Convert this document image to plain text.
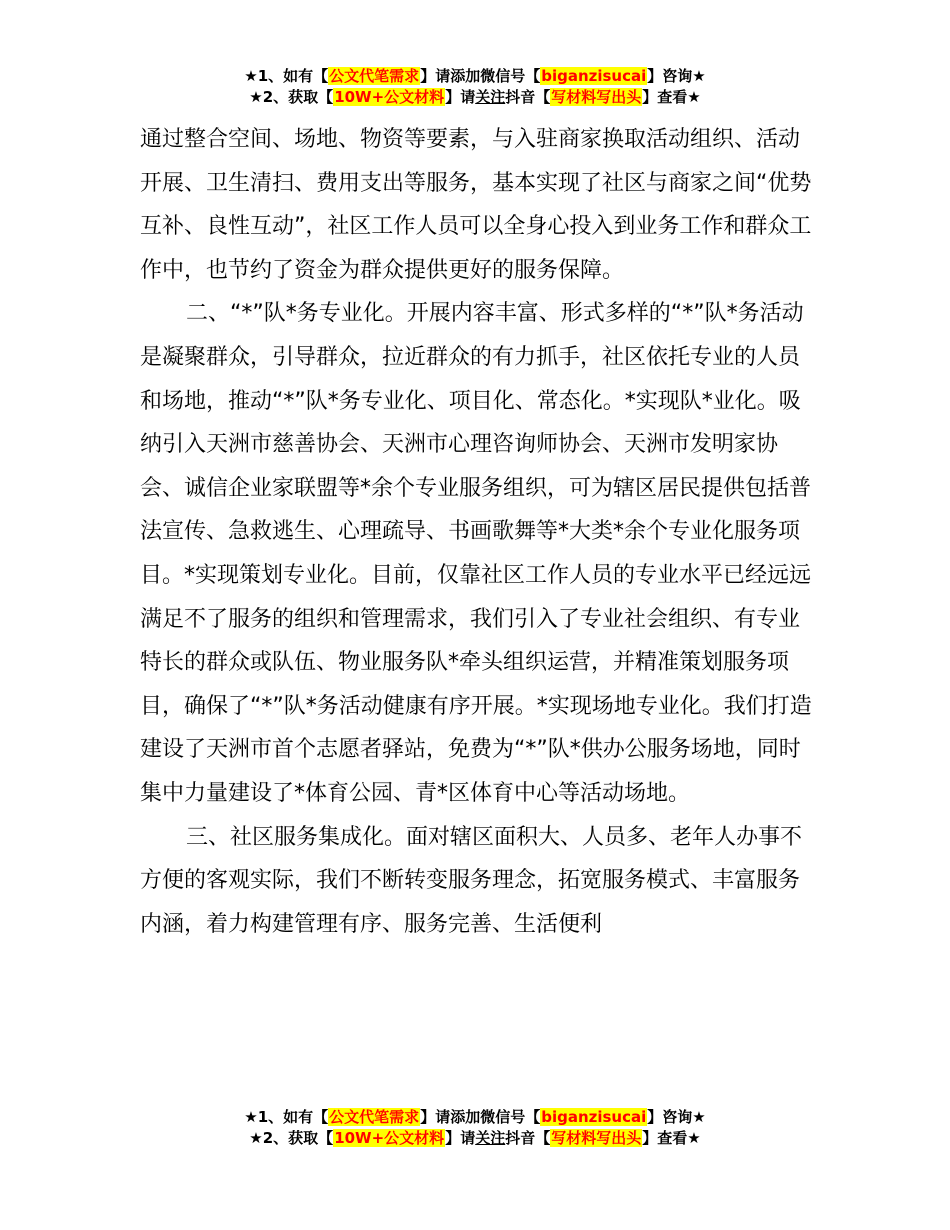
★1、如有【公文代笔需求】请添加微信号【biganzisucai】咨询★
★2、获取【10W+公文材料】请关注抖音【写材料写出头】查看★

通过整合空间、场地、物资等要素，与入驻商家换取活动组织、活动开展、卫生清扫、费用支出等服务，基本实现了社区与商家之间“优势互补、良性互动”，社区工作人员可以全身心投入到业务工作和群众工作中，也节约了资金为群众提供更好的服务保障。

二、“*”队*务专业化。开展内容丰富、形式多样的“*”队*务活动是凝聚群众，引导群众，拉近群众的有力抓手，社区依托专业的人员和场地，推动“*”队*务专业化、项目化、常态化。*实现队*业化。吸纳引入天洲市慈善协会、天洲市心理咨询师协会、天洲市发明家协会、诚信企业家联盟等*余个专业服务组织，可为辖区居民提供包括普法宣传、急救逃生、心理疏导、书画歌舞等*大类*余个专业化服务项目。*实现策划专业化。目前，仅靠社区工作人员的专业水平已经远远满足不了服务的组织和管理需求，我们引入了专业社会组织、有专业特长的群众或队伍、物业服务队*牵头组织运营，并精准策划服务项目，确保了“*”队*务活动健康有序开展。*实现场地专业化。我们打造建设了天洲市首个志愿者驿站，免费为“*”队*供办公服务场地，同时集中力量建设了*体育公园、青*区体育中心等活动场地。

三、社区服务集成化。面对辖区面积大、人员多、老年人办事不方便的客观实际，我们不断转变服务理念，拓宽服务模式、丰富服务内涵，着力构建管理有序、服务完善、生活便利

★1、如有【公文代笔需求】请添加微信号【biganzisucai】咨询★
★2、获取【10W+公文材料】请关注抖音【写材料写出头】查看★
